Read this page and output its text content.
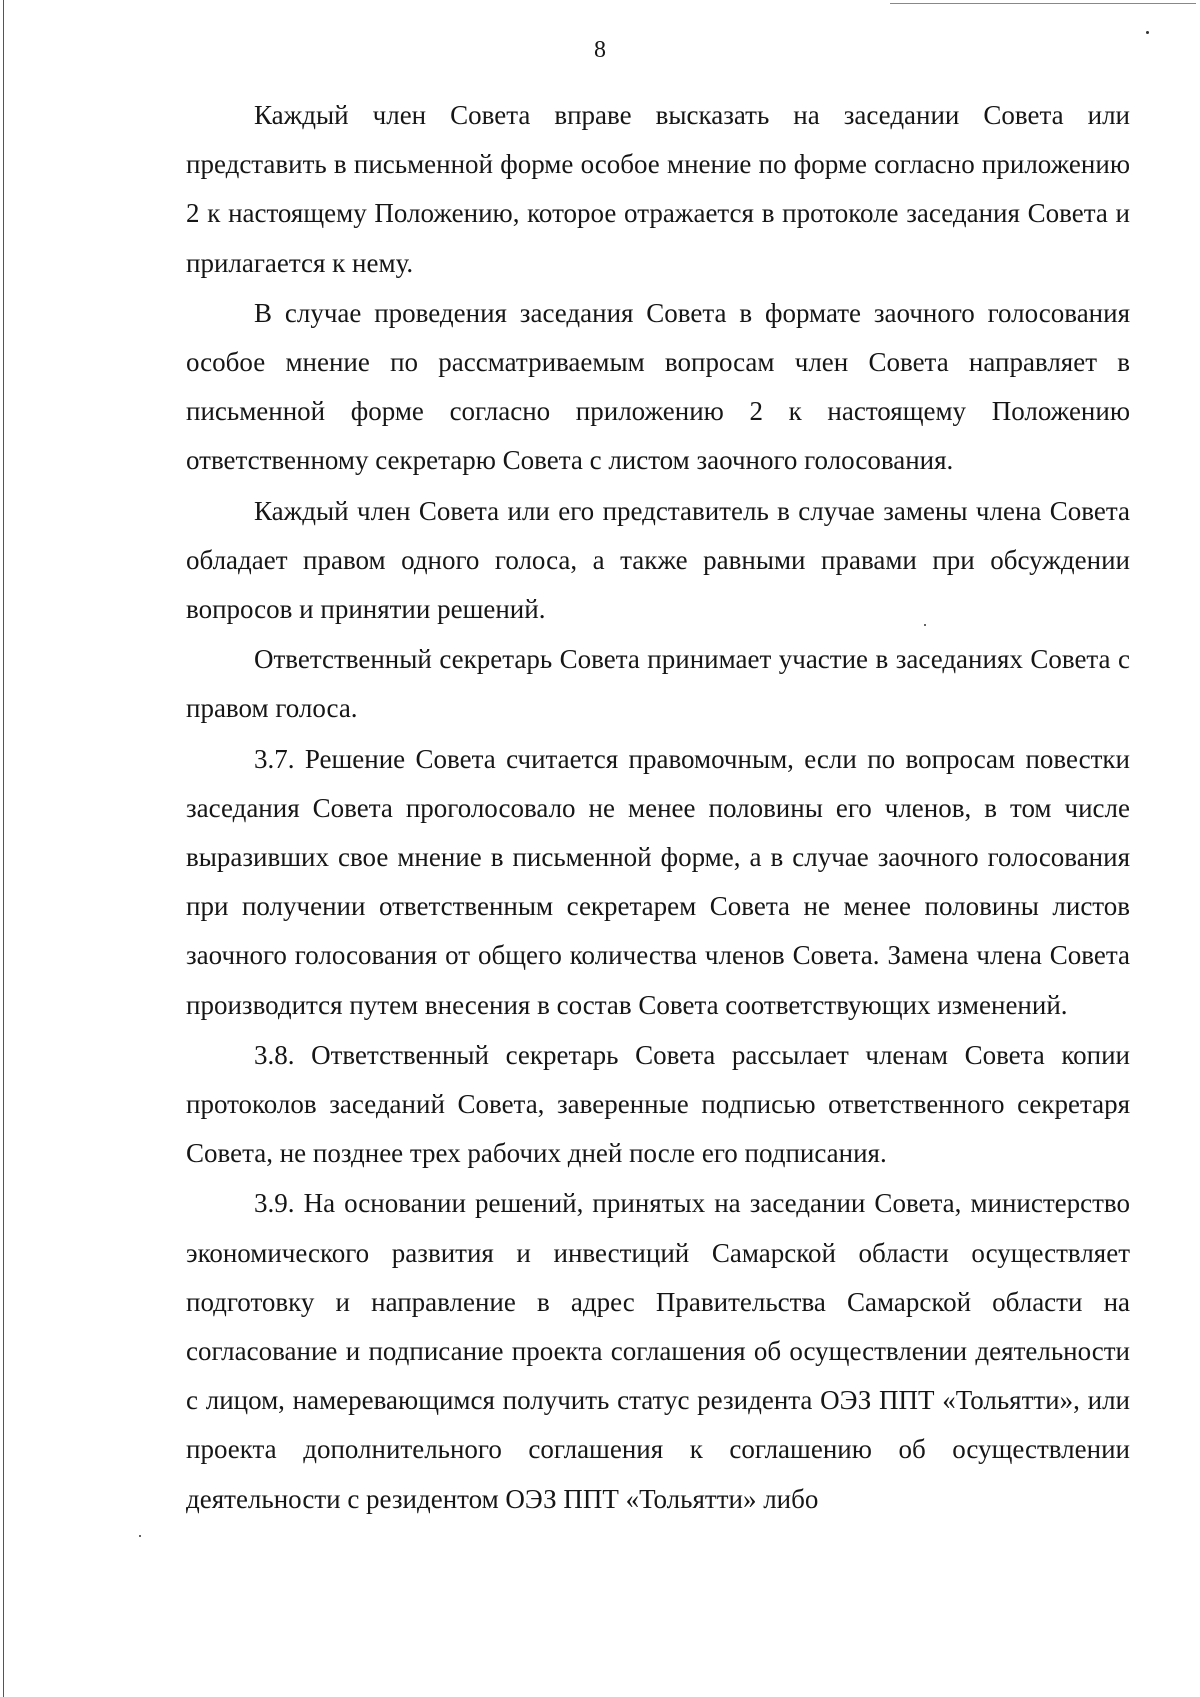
8

Каждый член Совета вправе высказать на заседании Совета или представить в письменной форме особое мнение по форме согласно приложению 2 к настоящему Положению, которое отражается в протоколе заседания Совета и прилагается к нему.

В случае проведения заседания Совета в формате заочного голосования особое мнение по рассматриваемым вопросам член Совета направляет в письменной форме согласно приложению 2 к настоящему Положению ответственному секретарю Совета с листом заочного голосования.

Каждый член Совета или его представитель в случае замены члена Совета обладает правом одного голоса, а также равными правами при обсуждении вопросов и принятии решений.

Ответственный секретарь Совета принимает участие в заседаниях Совета с правом голоса.

3.7. Решение Совета считается правомочным, если по вопросам повестки заседания Совета проголосовало не менее половины его членов, в том числе выразивших свое мнение в письменной форме, а в случае заочного голосования при получении ответственным секретарем Совета не менее половины листов заочного голосования от общего количества членов Совета. Замена члена Совета производится путем внесения в состав Совета соответствующих изменений.

3.8. Ответственный секретарь Совета рассылает членам Совета копии протоколов заседаний Совета, заверенные подписью ответственного секретаря Совета, не позднее трех рабочих дней после его подписания.

3.9. На основании решений, принятых на заседании Совета, министерство экономического развития и инвестиций Самарской области осуществляет подготовку и направление в адрес Правительства Самарской области на согласование и подписание проекта соглашения об осуществлении деятельности с лицом, намеревающимся получить статус резидента ОЭЗ ППТ «Тольятти», или проекта дополнительного соглашения к соглашению об осуществлении деятельности с резидентом ОЭЗ ППТ «Тольятти» либо
